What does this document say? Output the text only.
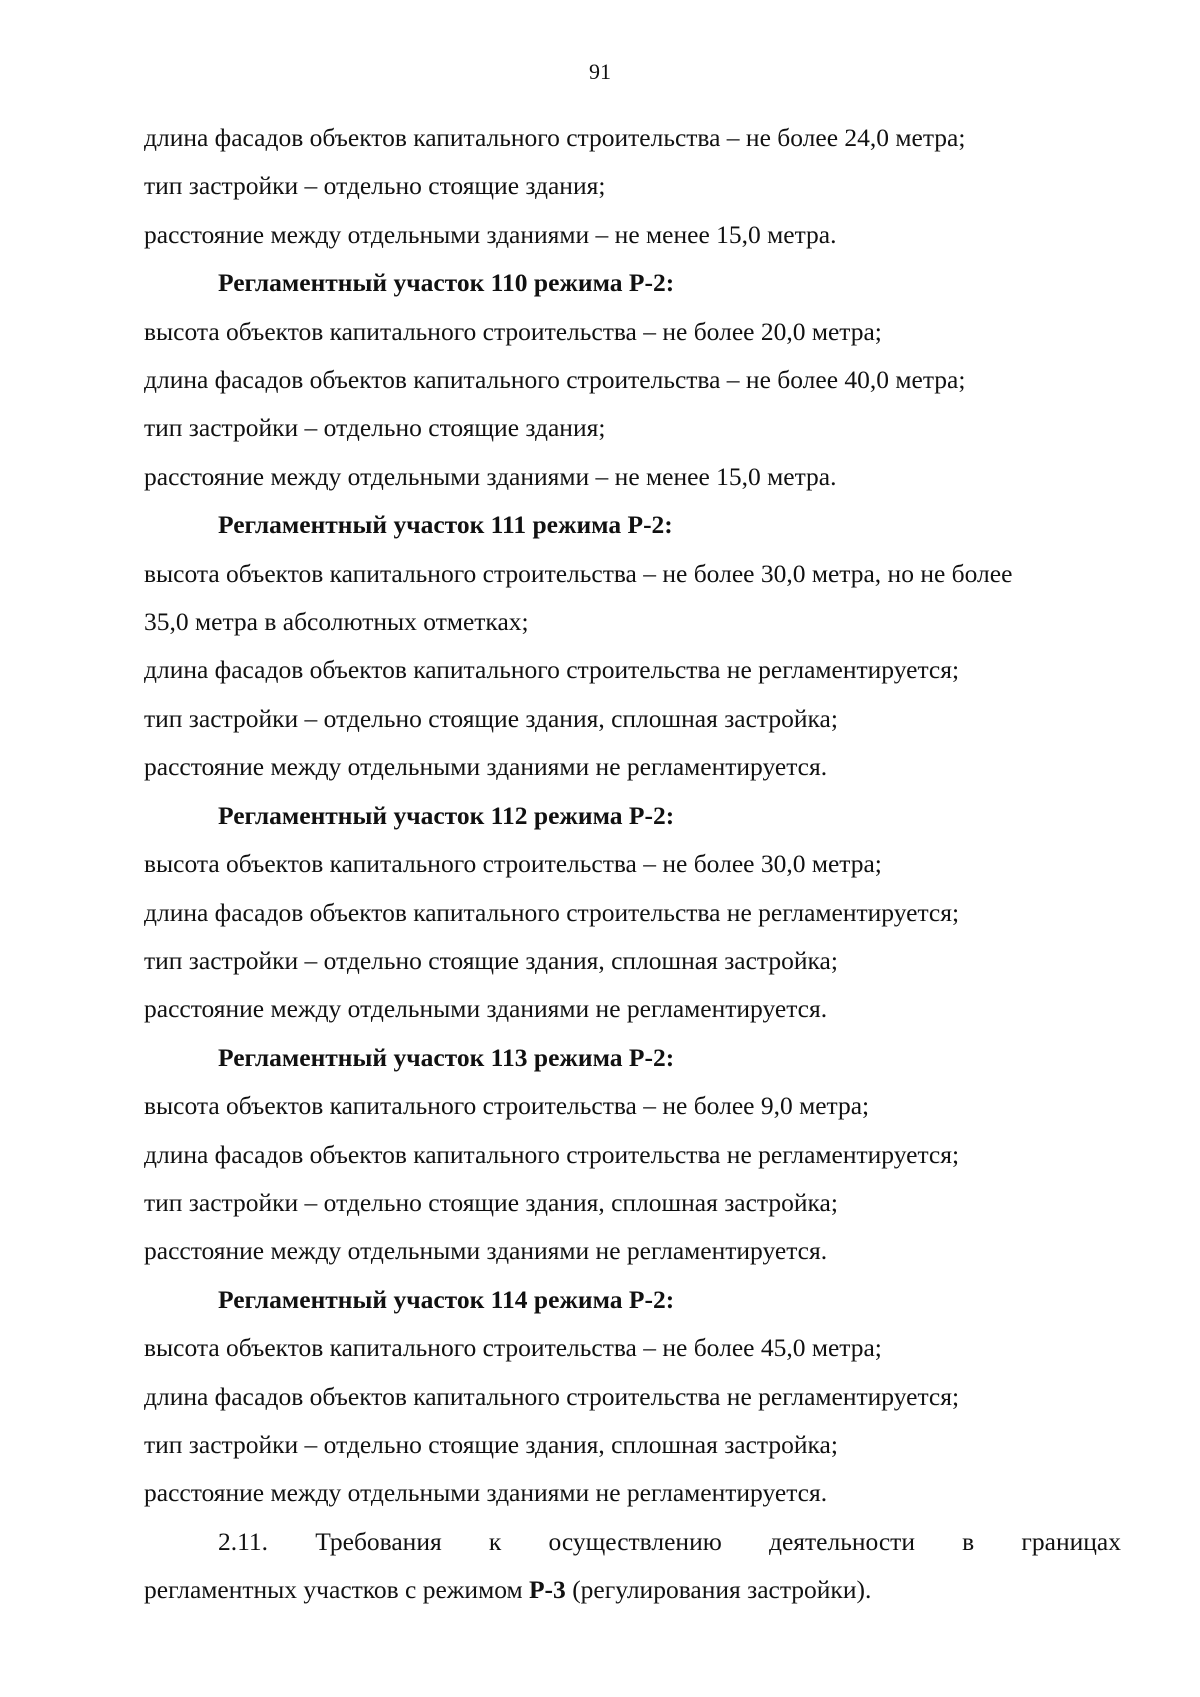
91

длина фасадов объектов капитального строительства – не более 24,0 метра;

тип застройки – отдельно стоящие здания;

расстояние между отдельными зданиями – не менее 15,0 метра.

Регламентный участок 110 режима Р-2:

высота объектов капитального строительства – не более 20,0 метра;

длина фасадов объектов капитального строительства – не более 40,0 метра;

тип застройки – отдельно стоящие здания;

расстояние между отдельными зданиями – не менее 15,0 метра.

Регламентный участок 111 режима Р-2:

высота объектов капитального строительства – не более 30,0 метра, но не более

35,0 метра в абсолютных отметках;

длина фасадов объектов капитального строительства не регламентируется;

тип застройки – отдельно стоящие здания, сплошная застройка;

расстояние между отдельными зданиями не регламентируется.

Регламентный участок 112 режима Р-2:

высота объектов капитального строительства – не более 30,0 метра;

длина фасадов объектов капитального строительства не регламентируется;

тип застройки – отдельно стоящие здания, сплошная застройка;

расстояние между отдельными зданиями не регламентируется.

Регламентный участок 113 режима Р-2:

высота объектов капитального строительства – не более 9,0 метра;

длина фасадов объектов капитального строительства не регламентируется;

тип застройки – отдельно стоящие здания, сплошная застройка;

расстояние между отдельными зданиями не регламентируется.

Регламентный участок 114 режима Р-2:

высота объектов капитального строительства – не более 45,0 метра;

длина фасадов объектов капитального строительства не регламентируется;

тип застройки – отдельно стоящие здания, сплошная застройка;

расстояние между отдельными зданиями не регламентируется.

2.11. Требования к осуществлению деятельности в границах

регламентных участков с режимом Р-3 (регулирования застройки).
